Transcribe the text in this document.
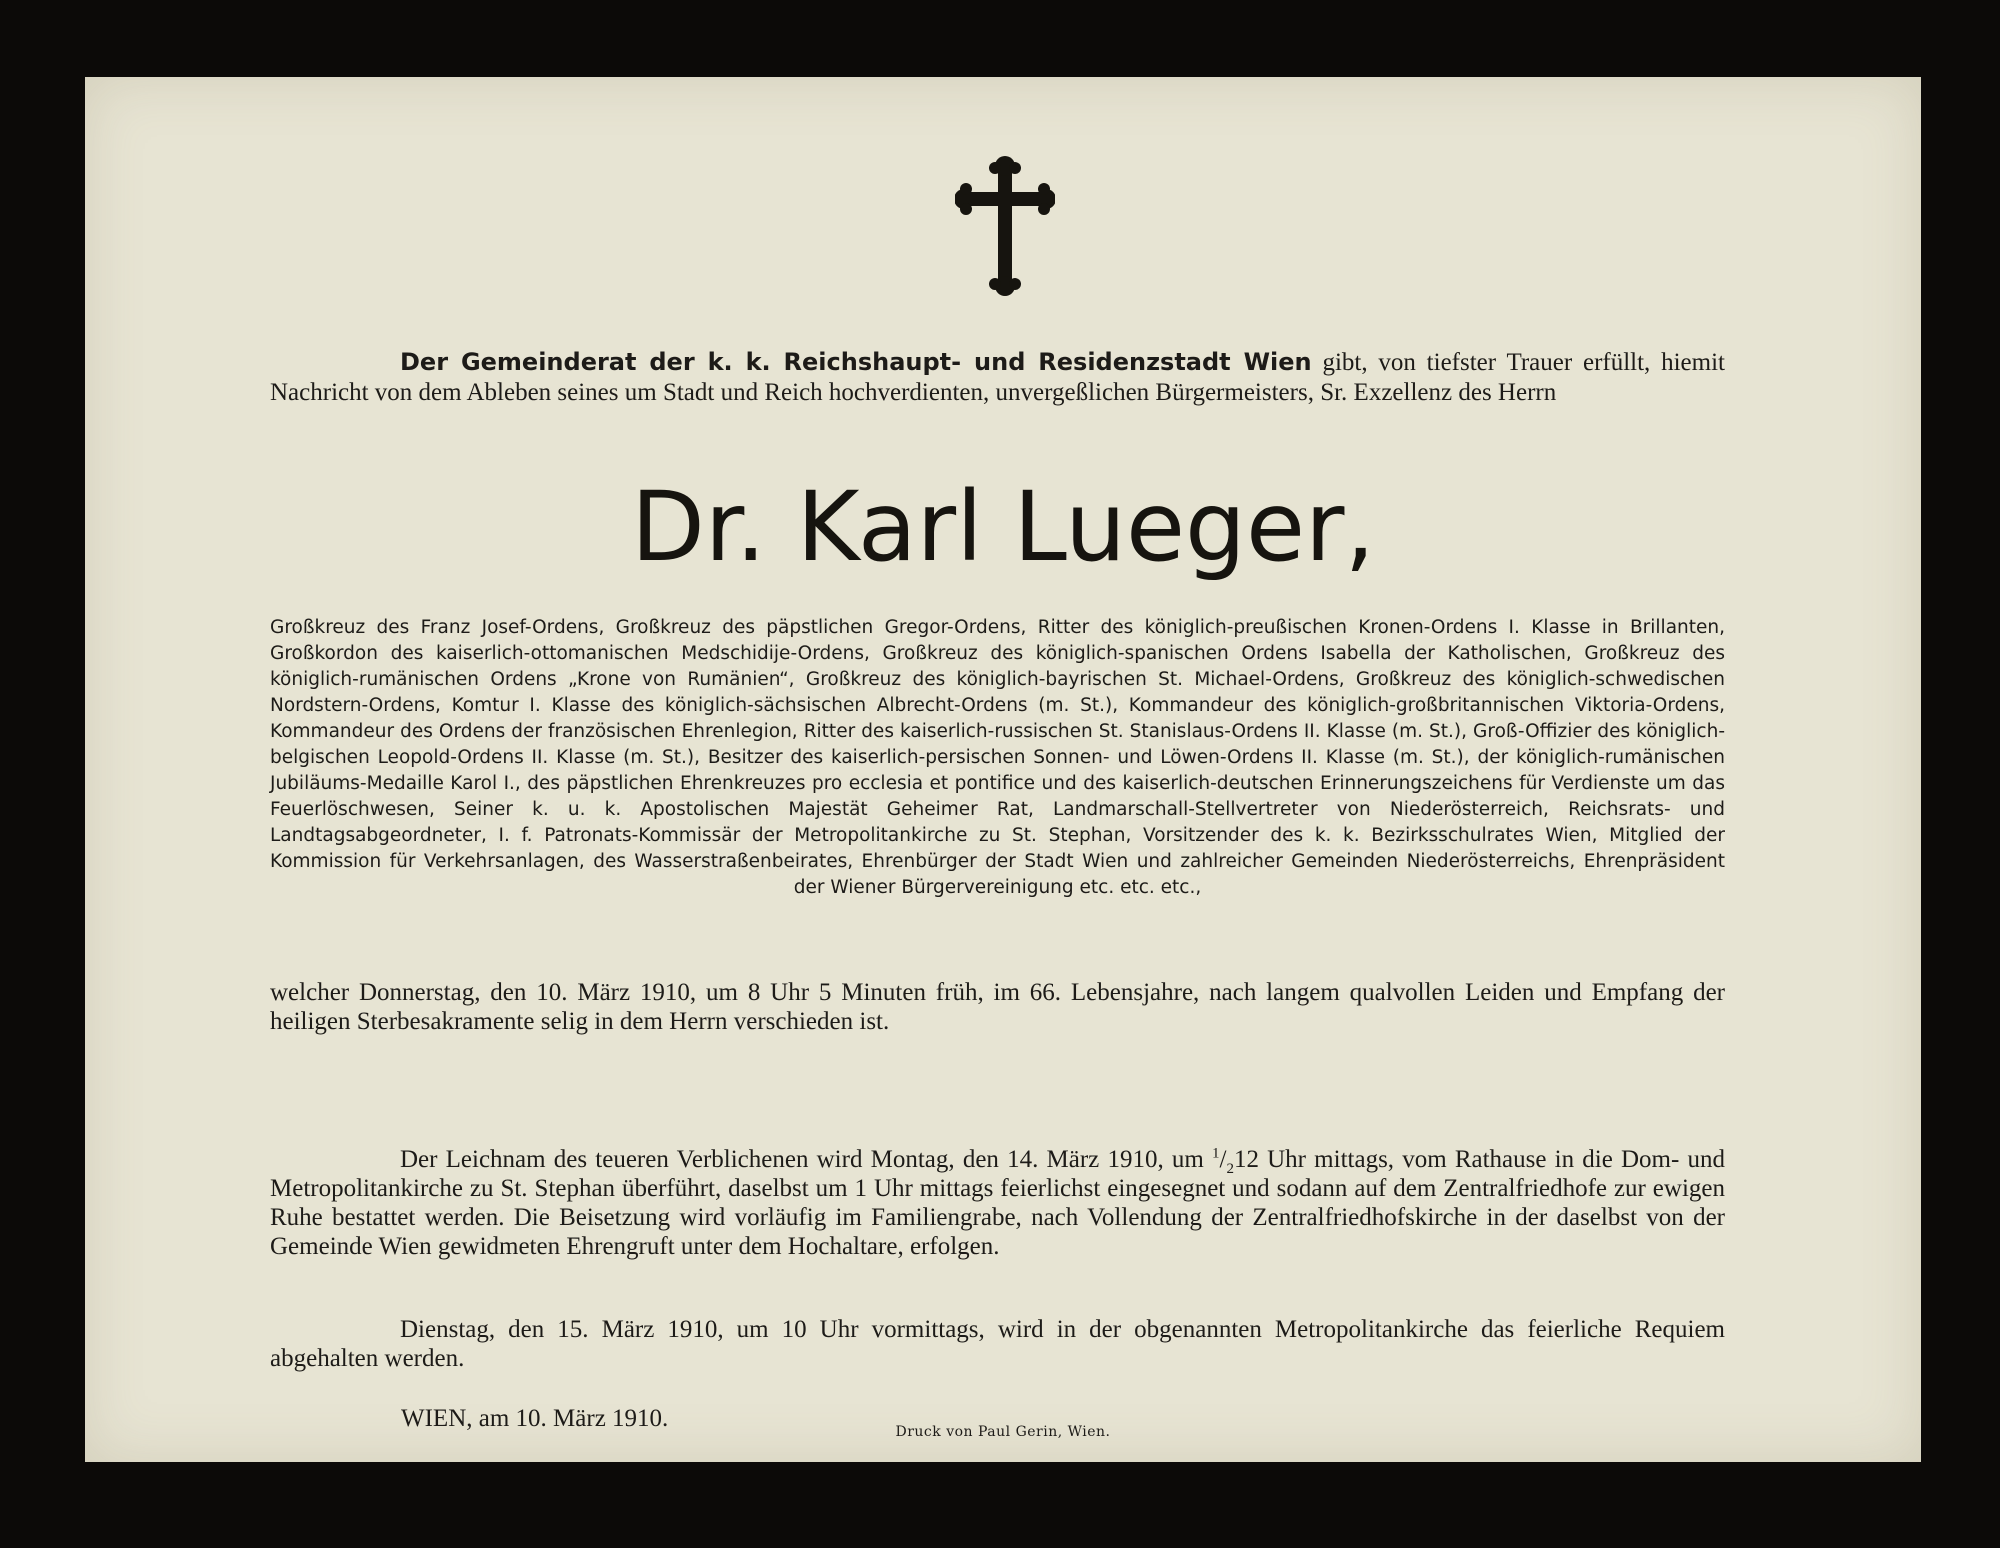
Der Gemeinderat der k. k. Reichshaupt- und Residenzstadt Wien gibt, von tiefster Trauer erfüllt, hiemit Nachricht von dem Ableben seines um Stadt und Reich hochverdienten, unvergeßlichen Bürgermeisters, Sr. Exzellenz des Herrn
Dr. Karl Lueger,
Großkreuz des Franz Josef-Ordens, Großkreuz des päpstlichen Gregor-Ordens, Ritter des königlich-preußischen Kronen-Ordens I. Klasse in Brillanten, Großkordon des kaiserlich-ottomanischen Medschidije-Ordens, Großkreuz des königlich-spanischen Ordens Isabella der Katholischen, Großkreuz des königlich-rumänischen Ordens „Krone von Rumänien“, Großkreuz des königlich-bayrischen St. Michael-Ordens, Großkreuz des königlich-schwedischen Nordstern-Ordens, Komtur I. Klasse des königlich-sächsischen Albrecht-Ordens (m. St.), Kommandeur des königlich-großbritannischen Viktoria-Ordens, Kommandeur des Ordens der französischen Ehrenlegion, Ritter des kaiserlich-russischen St. Stanislaus-Ordens II. Klasse (m. St.), Groß-Offizier des königlich-belgischen Leopold-Ordens II. Klasse (m. St.), Besitzer des kaiserlich-persischen Sonnen- und Löwen-Ordens II. Klasse (m. St.), der königlich-rumänischen Jubiläums-Medaille Karol I., des päpstlichen Ehrenkreuzes pro ecclesia et pontifice und des kaiserlich-deutschen Erinnerungszeichens für Verdienste um das Feuerlöschwesen, Seiner k. u. k. Apostolischen Majestät Geheimer Rat, Landmarschall-Stellvertreter von Niederösterreich, Reichsrats- und Landtagsabgeordneter, I. f. Patronats-Kommissär der Metropolitankirche zu St. Stephan, Vorsitzender des k. k. Bezirksschulrates Wien, Mitglied der Kommission für Verkehrsanlagen, des Wasserstraßenbeirates, Ehrenbürger der Stadt Wien und zahlreicher Gemeinden Niederösterreichs, Ehrenpräsident der Wiener Bürgervereinigung etc. etc. etc.,

welcher Donnerstag, den 10. März 1910, um 8 Uhr 5 Minuten früh, im 66. Lebensjahre, nach langem qualvollen Leiden und Empfang der heiligen Sterbesakramente selig in dem Herrn verschieden ist.

Der Leichnam des teueren Verblichenen wird Montag, den 14. März 1910, um $^1/_212$ Uhr mittags, vom Rathause in die Dom- und Metropolitankirche zu St. Stephan überführt, daselbst um 1 Uhr mittags feierlichst eingesegnet und sodann auf dem Zentralfriedhofe zur ewigen Ruhe bestattet werden. Die Beisetzung wird vorläufig im Familiengrabe, nach Vollendung der Zentralfriedhofskirche in der daselbst von der Gemeinde Wien gewidmeten Ehrengruft unter dem Hochaltare, erfolgen.

Dienstag, den 15. März 1910, um 10 Uhr vormittags, wird in der obgenannten Metropolitankirche das feierliche Requiem abgehalten werden.

WIEN, am 10. März 1910.	Druck von Paul Gerin, Wien.
